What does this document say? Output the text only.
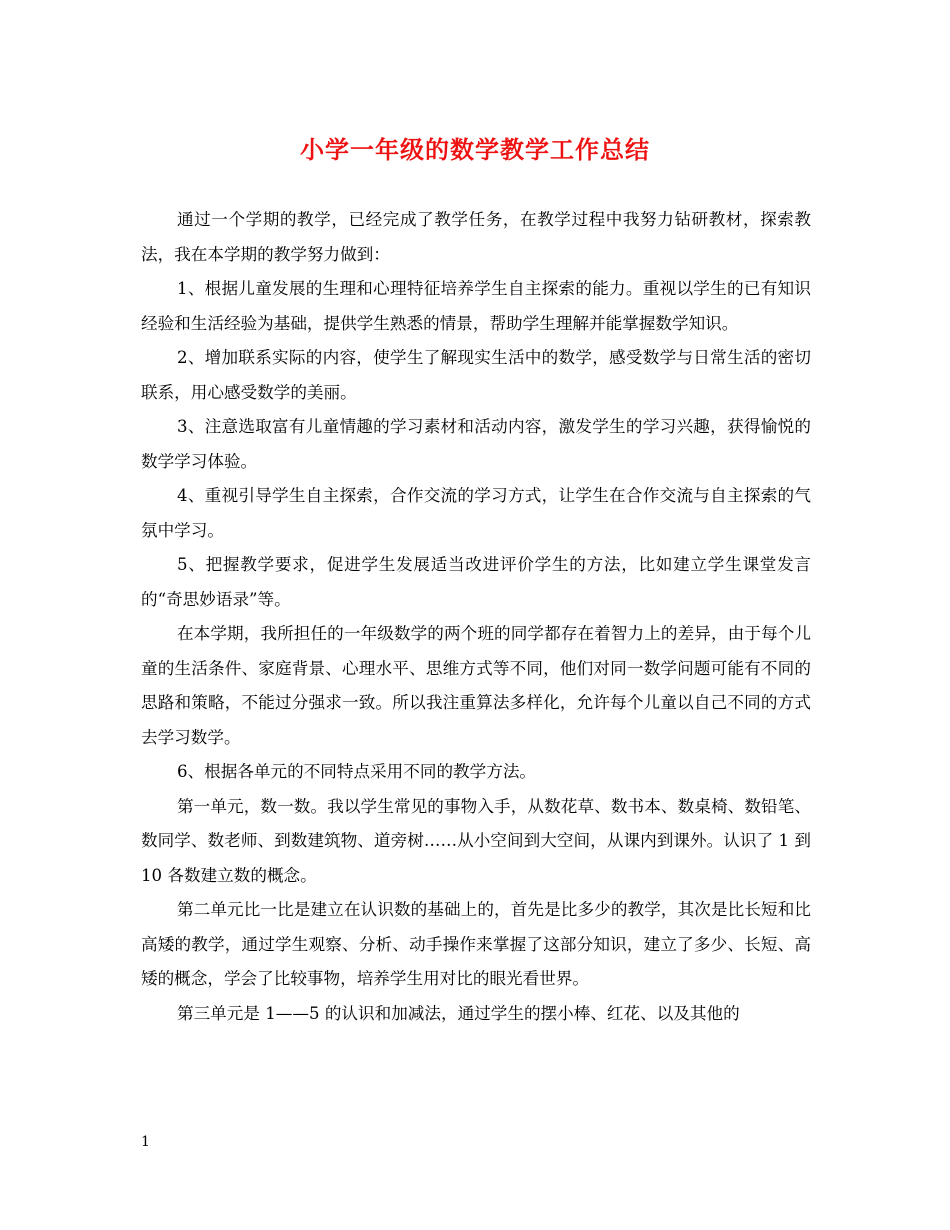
小学一年级的数学教学工作总结

通过一个学期的教学，已经完成了教学任务，在教学过程中我努力钻研教材，探索教法，我在本学期的教学努力做到：

1、根据儿童发展的生理和心理特征培养学生自主探索的能力。重视以学生的已有知识经验和生活经验为基础，提供学生熟悉的情景，帮助学生理解并能掌握数学知识。

2、增加联系实际的内容，使学生了解现实生活中的数学，感受数学与日常生活的密切联系，用心感受数学的美丽。

3、注意选取富有儿童情趣的学习素材和活动内容，激发学生的学习兴趣，获得愉悦的数学学习体验。

4、重视引导学生自主探索，合作交流的学习方式，让学生在合作交流与自主探索的气氛中学习。

5、把握教学要求，促进学生发展适当改进评价学生的方法，比如建立学生课堂发言的“奇思妙语录”等。

在本学期，我所担任的一年级数学的两个班的同学都存在着智力上的差异，由于每个儿童的生活条件、家庭背景、心理水平、思维方式等不同，他们对同一数学问题可能有不同的思路和策略，不能过分强求一致。所以我注重算法多样化，允许每个儿童以自己不同的方式去学习数学。

6、根据各单元的不同特点采用不同的教学方法。

第一单元，数一数。我以学生常见的事物入手，从数花草、数书本、数桌椅、数铅笔、数同学、数老师、到数建筑物、道旁树……从小空间到大空间，从课内到课外。认识了 1 到 10 各数建立数的概念。

第二单元比一比是建立在认识数的基础上的，首先是比多少的教学，其次是比长短和比高矮的教学，通过学生观察、分析、动手操作来掌握了这部分知识，建立了多少、长短、高矮的概念，学会了比较事物，培养学生用对比的眼光看世界。

第三单元是 1——5 的认识和加减法，通过学生的摆小棒、红花、以及其他的

1
